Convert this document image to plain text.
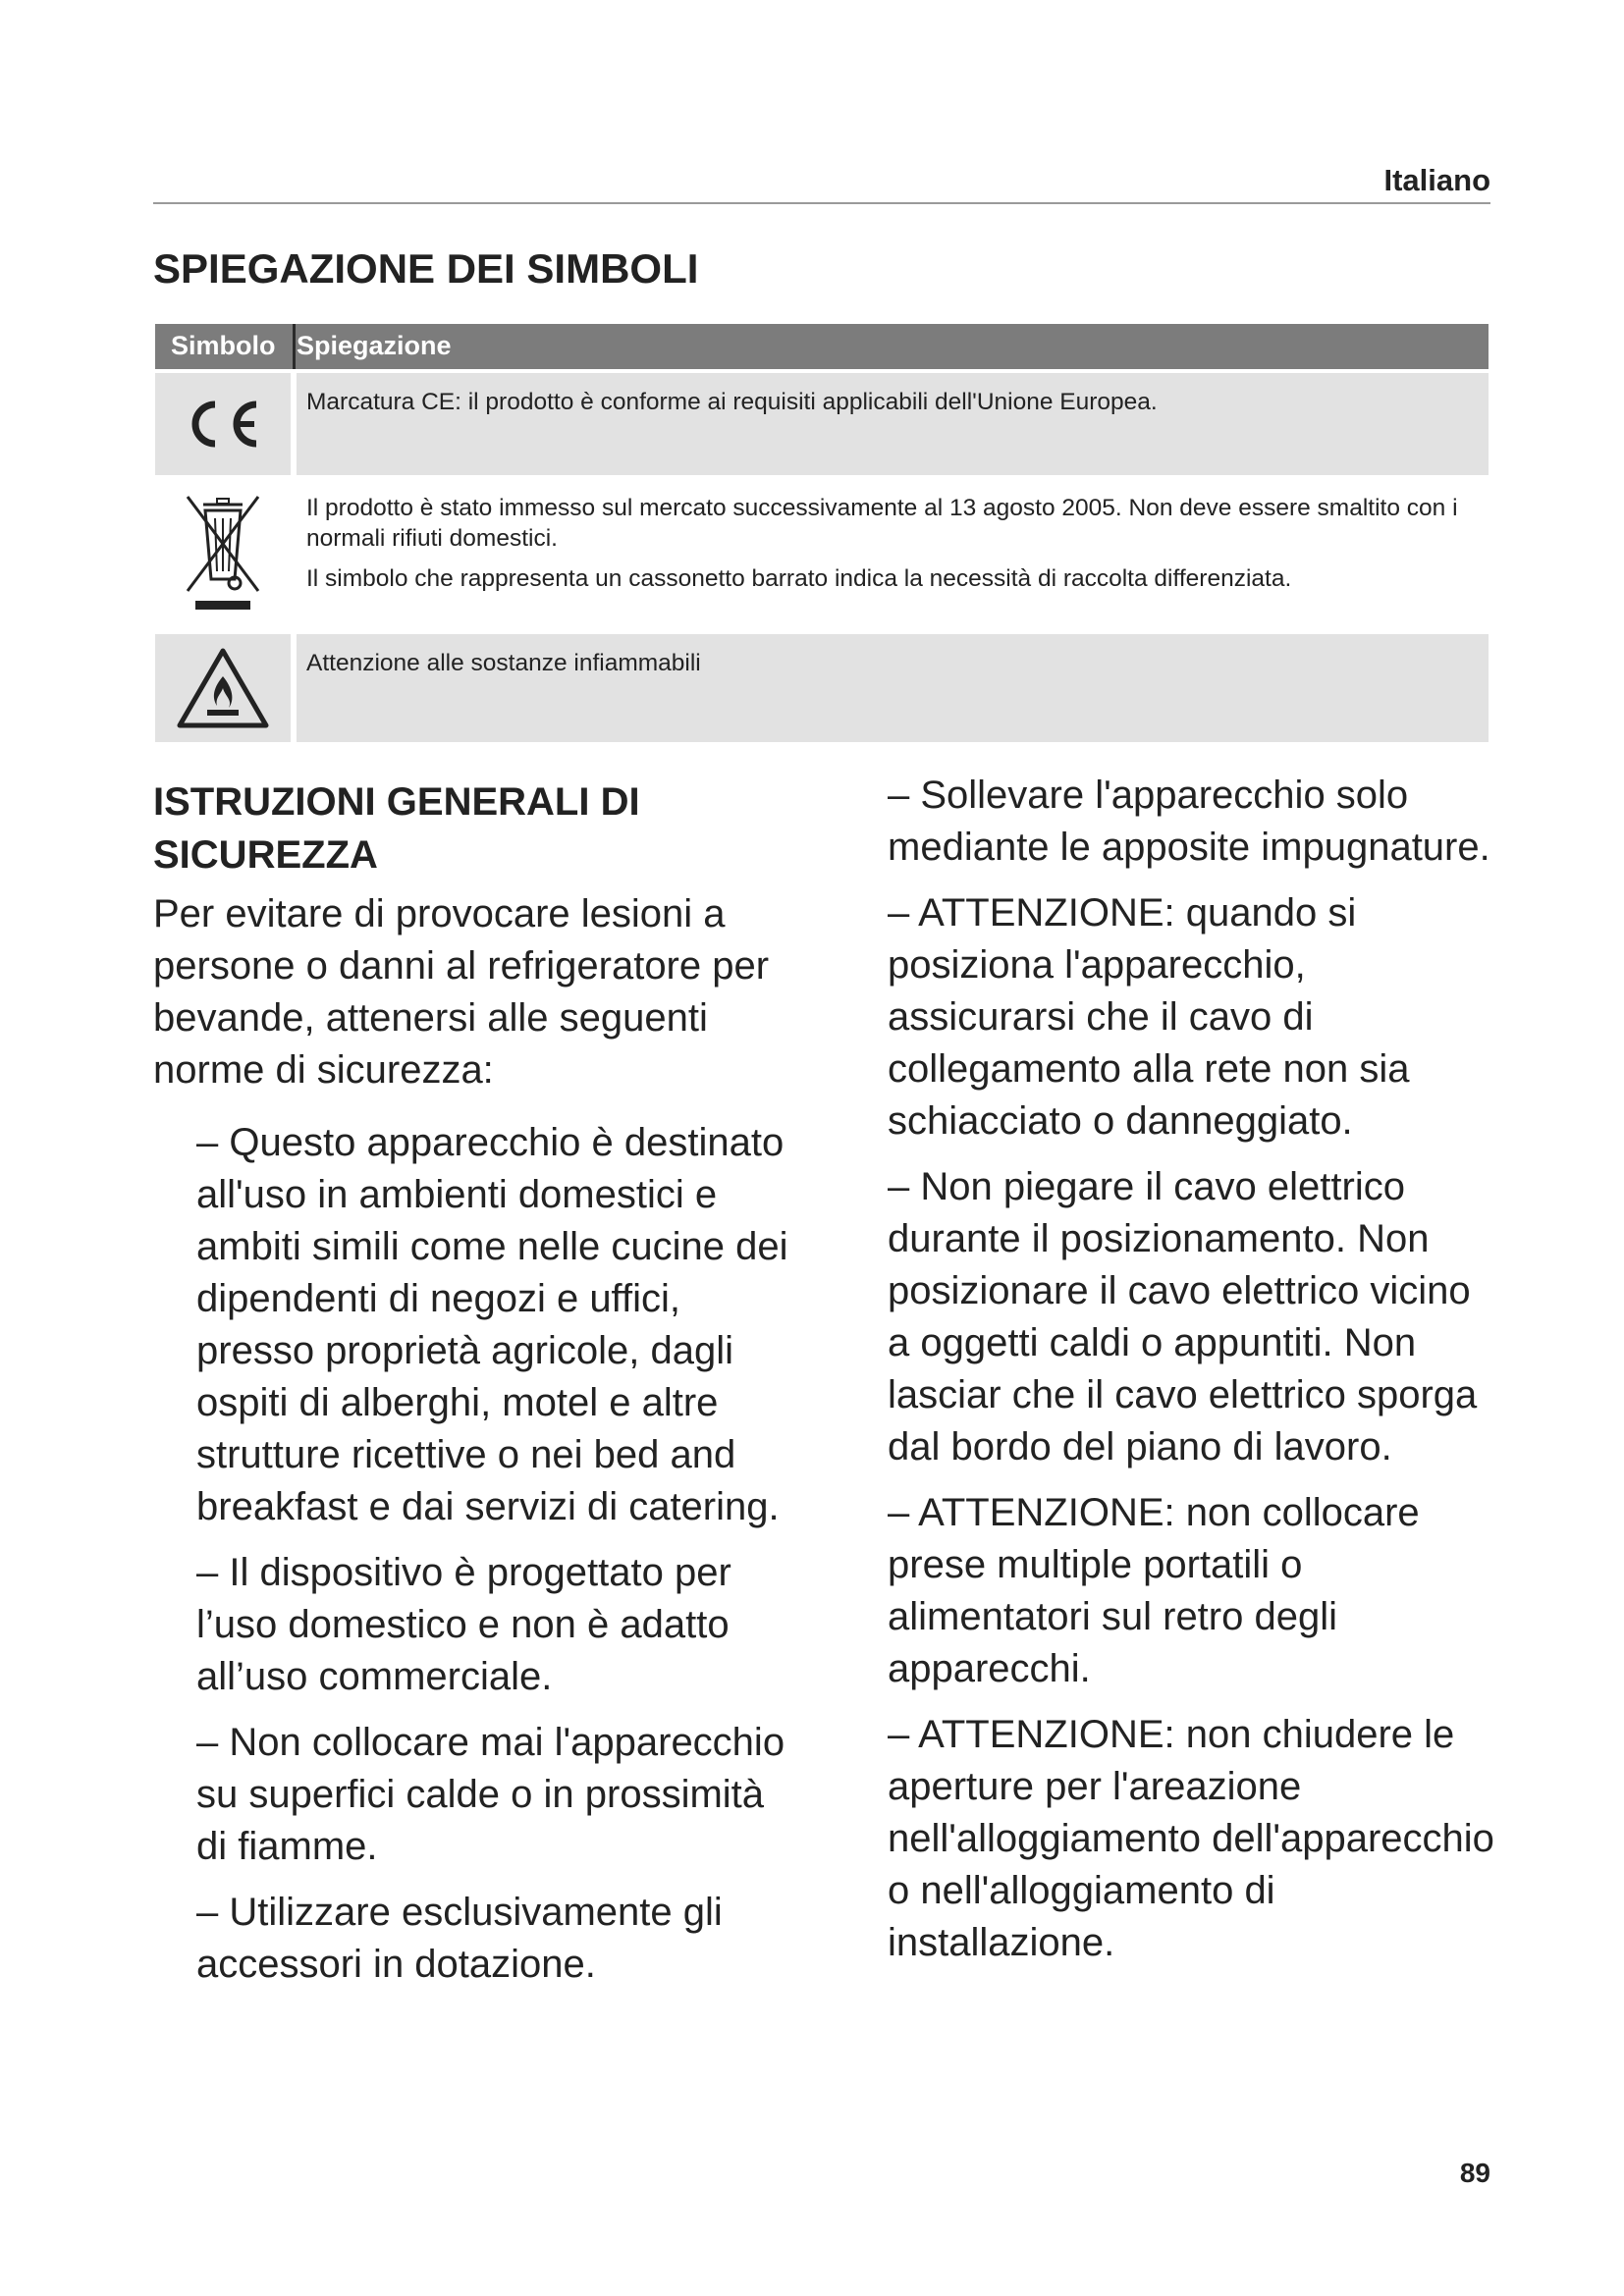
Italiano
SPIEGAZIONE DEI SIMBOLI
Simbolo Spiegazione

Marcatura CE: il prodotto è conforme ai requisiti applicabili dell'Unione Europea.

Il prodotto è stato immesso sul mercato successivamente al 13 agosto 2005. Non deve essere smaltito con i normali rifiuti domestici.

Il simbolo che rappresenta un cassonetto barrato indica la necessità di raccolta differenziata.

Attenzione alle sostanze infiammabili

ISTRUZIONI GENERALI DI SICUREZZA

Per evitare di provocare lesioni a persone o danni al refrigeratore per bevande, attenersi alle seguenti norme di sicurezza:

– Questo apparecchio è destinato all'uso in ambienti domestici e ambiti simili come nelle cucine dei dipendenti di negozi e uffici, presso proprietà agricole, dagli ospiti di alberghi, motel e altre strutture ricettive o nei bed and breakfast e dai servizi di catering.
– Il dispositivo è progettato per l’uso domestico e non è adatto all’uso commerciale.
– Non collocare mai l'apparecchio su superfici calde o in prossimità di fiamme.
– Utilizzare esclusivamente gli accessori in dotazione.
– Sollevare l'apparecchio solo mediante le apposite impugnature.
– ATTENZIONE: quando si posiziona l'apparecchio, assicurarsi che il cavo di collegamento alla rete non sia schiacciato o danneggiato.
– Non piegare il cavo elettrico durante il posizionamento. Non posizionare il cavo elettrico vicino a oggetti caldi o appuntiti. Non lasciar che il cavo elettrico sporga dal bordo del piano di lavoro.
– ATTENZIONE: non collocare prese multiple portatili o alimentatori sul retro degli apparecchi.
– ATTENZIONE: non chiudere le aperture per l'areazione nell'alloggiamento dell'apparecchio o nell'alloggiamento di installazione.
89
